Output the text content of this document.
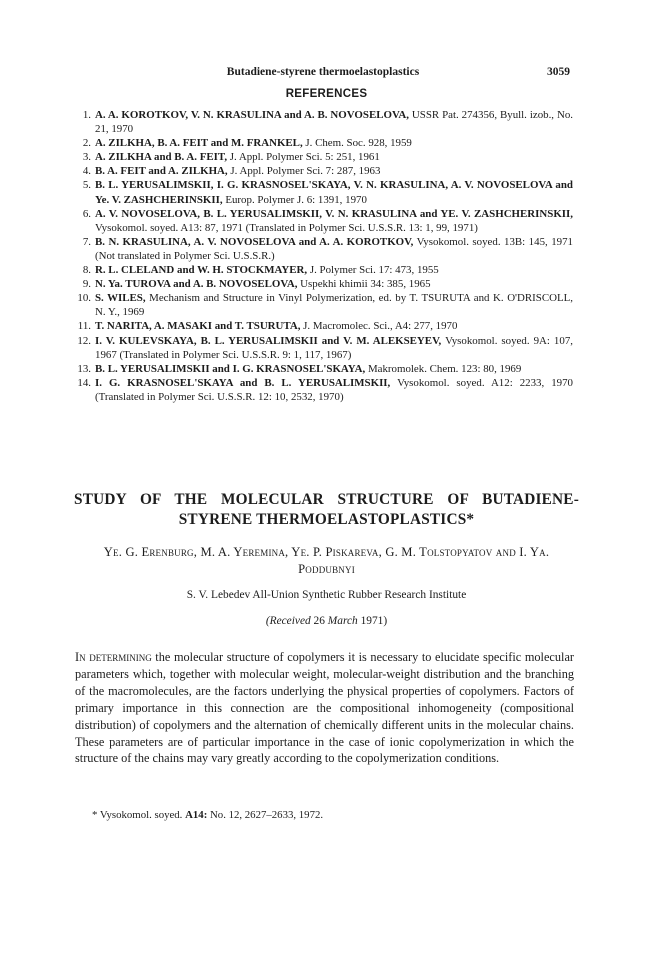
Butadiene-styrene thermoelastoplastics	3059
REFERENCES
1. A. A. KOROTKOV, V. N. KRASULINA and A. B. NOVOSELOVA, USSR Pat. 274356, Byull. izob., No. 21, 1970
2. A. ZILKHA, B. A. FEIT and M. FRANKEL, J. Chem. Soc. 928, 1959
3. A. ZILKHA and B. A. FEIT, J. Appl. Polymer Sci. 5: 251, 1961
4. B. A. FEIT and A. ZILKHA, J. Appl. Polymer Sci. 7: 287, 1963
5. B. L. YERUSALIMSKII, I. G. KRASNOSEL'SKAYA, V. N. KRASULINA, A. V. NOVOSELOVA and Ye. V. ZASHCHERINSKII, Europ. Polymer J. 6: 1391, 1970
6. A. V. NOVOSELOVA, B. L. YERUSALIMSKII, V. N. KRASULINA and YE. V. ZASHCHERINSKII, Vysokomol. soyed. A13: 87, 1971 (Translated in Polymer Sci. U.S.S.R. 13: 1, 99, 1971)
7. B. N. KRASULINA, A. V. NOVOSELOVA and A. A. KOROTKOV, Vysokomol. soyed. 13B: 145, 1971 (Not translated in Polymer Sci. U.S.S.R.)
8. R. L. CLELAND and W. H. STOCKMAYER, J. Polymer Sci. 17: 473, 1955
9. N. Ya. TUROVA and A. B. NOVOSELOVA, Uspekhi khimii 34: 385, 1965
10. S. WILES, Mechanism and Structure in Vinyl Polymerization, ed. by T. TSURUTA and K. O'DRISCOLL, N. Y., 1969
11. T. NARITA, A. MASAKI and T. TSURUTA, J. Macromolec. Sci., A4: 277, 1970
12. I. V. KULEVSKAYA, B. L. YERUSALIMSKII and V. M. ALEKSEYEV, Vysokomol. soyed. 9A: 107, 1967 (Translated in Polymer Sci. U.S.S.R. 9: 1, 117, 1967)
13. B. L. YERUSALIMSKII and I. G. KRASNOSEL'SKAYA, Makromolek. Chem. 123: 80, 1969
14. I. G. KRASNOSEL'SKAYA and B. L. YERUSALIMSKII, Vysokomol. soyed. A12: 2233, 1970 (Translated in Polymer Sci. U.S.S.R. 12: 10, 2532, 1970)
STUDY OF THE MOLECULAR STRUCTURE OF BUTADIENE-
STYRENE THERMOELASTOPLASTICS*
Ye. G. Erenburg, M. A. Yeremina, Ye. P. Piskareva, G. M. Tolstopyatov and I. Ya. Poddubnyi
S. V. Lebedev All-Union Synthetic Rubber Research Institute
(Received 26 March 1971)
In determining the molecular structure of copolymers it is necessary to elucidate specific molecular parameters which, together with molecular weight, molecular-weight distribution and the branching of the macromolecules, are the factors underlying the physical properties of copolymers. Factors of primary importance in this connection are the compositional inhomogeneity (compositional distribution) of copolymers and the alternation of chemically different units in the molecular chains. These parameters are of particular importance in the case of ionic copolymerization in which the structure of the chains may vary greatly according to the copolymerization conditions.
* Vysokomol. soyed. A14: No. 12, 2627–2633, 1972.
